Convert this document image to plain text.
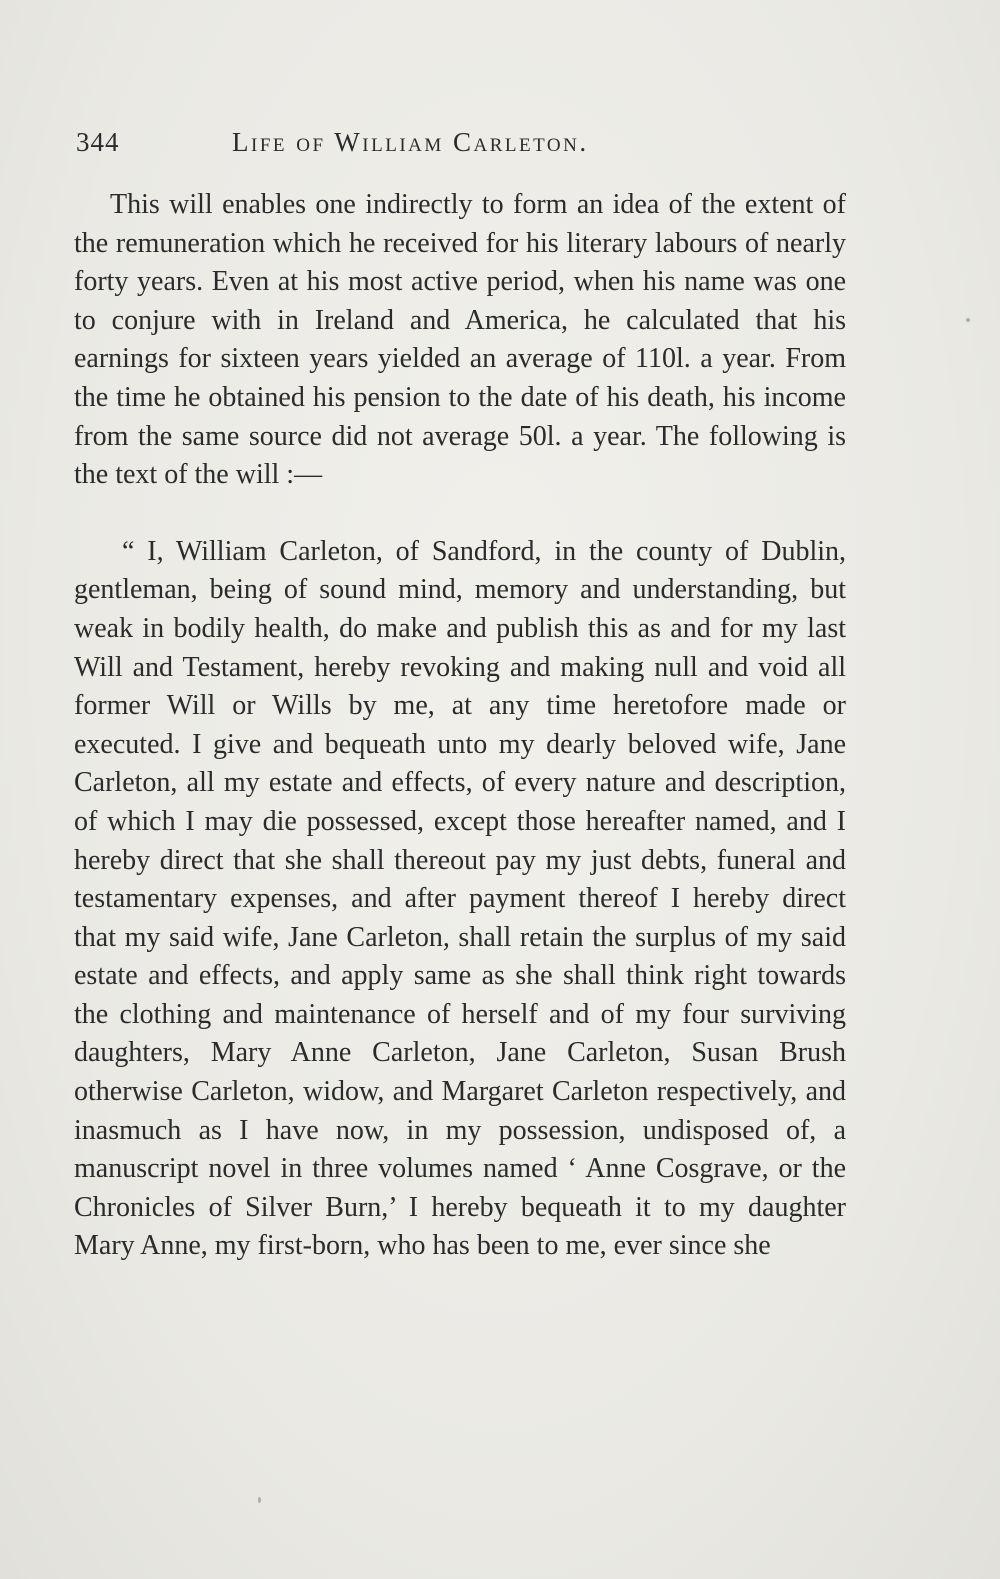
344	Life of William Carleton.

This will enables one indirectly to form an idea of the extent of the remuneration which he received for his literary labours of nearly forty years. Even at his most active period, when his name was one to conjure with in Ireland and America, he calculated that his earnings for sixteen years yielded an average of 110l. a year. From the time he obtained his pension to the date of his death, his income from the same source did not average 50l. a year. The following is the text of the will :—

“ I, William Carleton, of Sandford, in the county of Dublin, gentleman, being of sound mind, memory and understanding, but weak in bodily health, do make and publish this as and for my last Will and Testament, hereby revoking and making null and void all former Will or Wills by me, at any time heretofore made or executed. I give and bequeath unto my dearly beloved wife, Jane Carleton, all my estate and effects, of every nature and description, of which I may die possessed, except those hereafter named, and I hereby direct that she shall thereout pay my just debts, funeral and testamentary expenses, and after payment thereof I hereby direct that my said wife, Jane Carleton, shall retain the surplus of my said estate and effects, and apply same as she shall think right towards the clothing and maintenance of herself and of my four surviving daughters, Mary Anne Carleton, Jane Carleton, Susan Brush otherwise Carleton, widow, and Margaret Carleton respectively, and inasmuch as I have now, in my possession, undisposed of, a manuscript novel in three volumes named ‘ Anne Cosgrave, or the Chronicles of Silver Burn,’ I hereby bequeath it to my daughter Mary Anne, my first-born, who has been to me, ever since she
